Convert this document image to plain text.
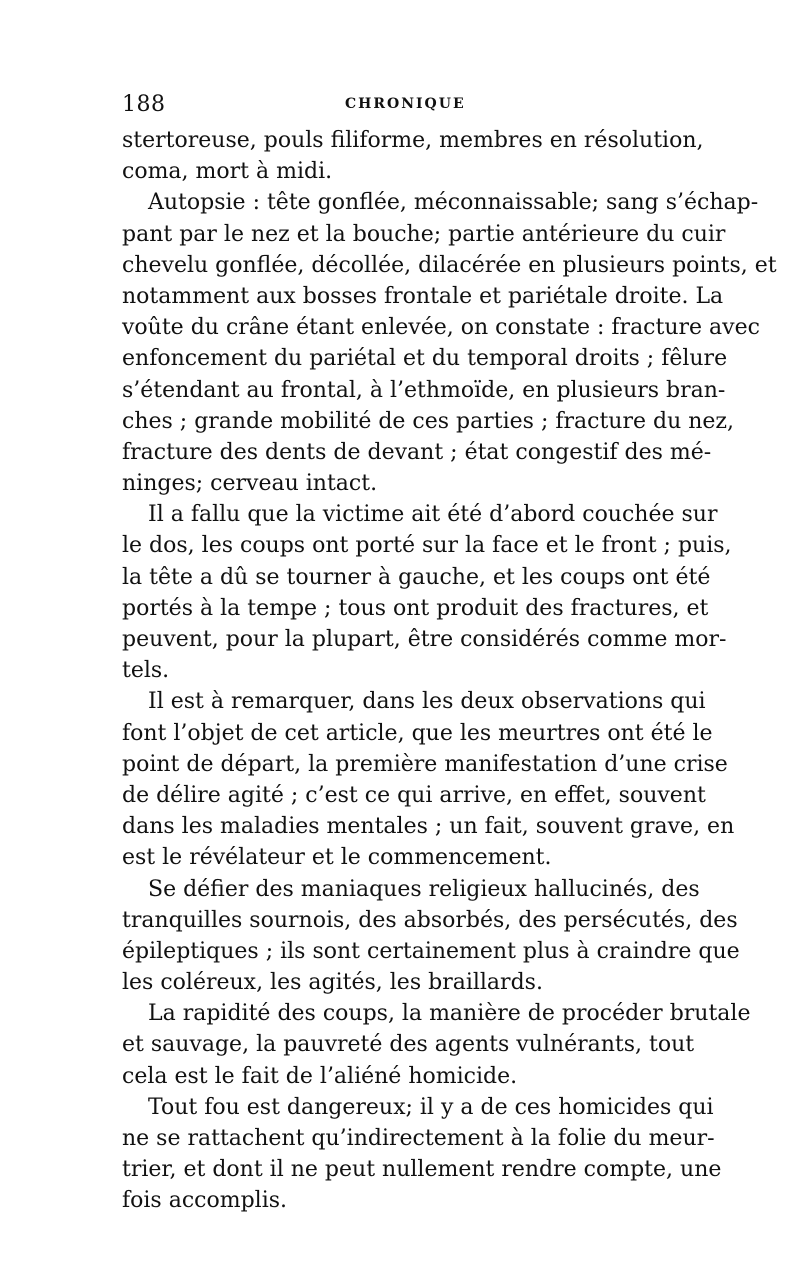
188	CHRONIQUE
stertoreuse, pouls filiforme, membres en résolution,
coma, mort à midi.
Autopsie : tête gonflée, méconnaissable; sang s’échap-
pant par le nez et la bouche; partie antérieure du cuir
chevelu gonflée, décollée, dilacérée en plusieurs points, et
notamment aux bosses frontale et pariétale droite. La
voûte du crâne étant enlevée, on constate : fracture avec
enfoncement du pariétal et du temporal droits ; fêlure
s’étendant au frontal, à l’ethmoïde, en plusieurs bran-
ches ; grande mobilité de ces parties ; fracture du nez,
fracture des dents de devant ; état congestif des mé-
ninges; cerveau intact.
Il a fallu que la victime ait été d’abord couchée sur
le dos, les coups ont porté sur la face et le front ; puis,
la tête a dû se tourner à gauche, et les coups ont été
portés à la tempe ; tous ont produit des fractures, et
peuvent, pour la plupart, être considérés comme mor-
tels.
Il est à remarquer, dans les deux observations qui
font l’objet de cet article, que les meurtres ont été le
point de départ, la première manifestation d’une crise
de délire agité ; c’est ce qui arrive, en effet, souvent
dans les maladies mentales ; un fait, souvent grave, en
est le révélateur et le commencement.
Se défier des maniaques religieux hallucinés, des
tranquilles sournois, des absorbés, des persécutés, des
épileptiques ; ils sont certainement plus à craindre que
les coléreux, les agités, les braillards.
La rapidité des coups, la manière de procéder brutale
et sauvage, la pauvreté des agents vulnérants, tout
cela est le fait de l’aliéné homicide.
Tout fou est dangereux; il y a de ces homicides qui
ne se rattachent qu’indirectement à la folie du meur-
trier, et dont il ne peut nullement rendre compte, une
fois accomplis.
